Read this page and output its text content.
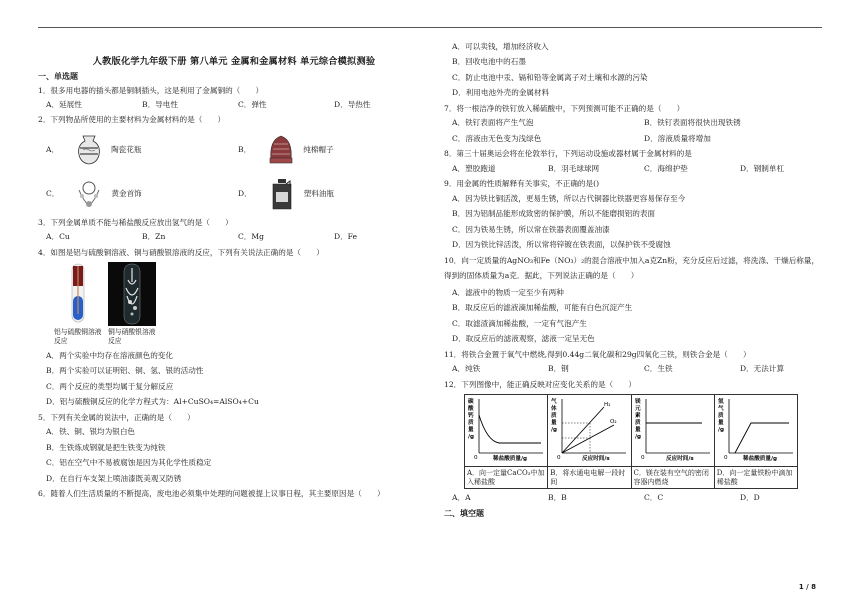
人教版化学九年级下册 第八单元 金属和金属材料 单元综合模拟测验
一、单选题
1．很多用电器的插头都是铜制插头，这是利用了金属铜的（　　）
A．延展性	B．导电性	C．弹性	D．导热性
2．下列物品所使用的主要材料为金属材料的是（　　）
A．	陶瓷花瓶	B．	纯棉帽子
C．	黄金首饰	D．	塑料油瓶
3．下列金属单质不能与稀盐酸反应放出氢气的是（　　）
A．Cu	B．Zn	C．Mg	D．Fe
4．如图是铝与硫酸铜溶液、铜与硝酸银溶液的反应，下列有关说法正确的是（　　）
铝与硫酸铜溶液反应
铜与硝酸银溶液反应
A．两个实验中均存在溶液颜色的变化
B．两个实验可以证明铝、铜、氢、银的活动性
C．两个反应的类型均属于复分解反应
D．铝与硫酸铜反应的化学方程式为：Al+CuSO₄=AlSO₄+Cu
5．下列有关金属的说法中，正确的是（　　）
A．铁、铜、银均为银白色
B．生铁炼成钢就是把生铁变为纯铁
C．铝在空气中不易被腐蚀是因为其化学性质稳定
D．在自行车支架上喷油漆既美观又防锈
6．随着人们生活质量的不断提高，废电池必须集中处理的问题被提上议事日程，其主要原因是（　　）
A．可以卖钱，增加经济收入
B．回收电池中的石墨
C．防止电池中汞、镉和铅等金属离子对土壤和水源的污染
D．利用电池外壳的金属材料
7．将一根洁净的铁钉放入稀硫酸中，下列预测可能不正确的是（　　）
A．铁钉表面将产生气泡	B．铁钉表面将很快出现铁锈
C．溶液由无色变为浅绿色	D．溶液质量将增加
8．第三十届奥运会将在伦敦举行，下列运动设施或器材属于金属材料的是
A．塑胶跑道	B．羽毛球球网	C．海绵护垫	D．钢制单杠
9．用金属的性质解释有关事实，不正确的是()
A．因为铁比铜活泼，更易生锈，所以古代铜器比铁器更容易保存至今
B．因为铝制品能形成致密的保护膜，所以不能磨损铝的表面
C．因为铁易生锈，所以常在铁器表面覆盖油漆
D．因为铁比锌活泼，所以常将锌镀在铁表面，以保护铁不受腐蚀
10．向一定质量的AgNO₃和Fe（NO₃）₂的混合溶液中加入a克Zn粉，充分反应后过滤，将洗涤、干燥后称量，
得到的固体质量为a克．据此，下列说法正确的是（　　）
A．滤液中的物质一定至少有两种
B．取反应后的滤液滴加稀盐酸，可能有白色沉淀产生
C．取滤渣滴加稀盐酸，一定有气泡产生
D．取反应后的滤液观察，滤液一定呈无色
11．将铁合金置于氧气中燃烧,得到0.44g二氧化碳和29g四氧化三铁，则铁合金是（　　）
A．纯铁	B．钢	C．生铁	D．无法计算
12．下列图像中，能正确反映对应变化关系的是（　　）
碳 酸 钙 质 量 /g
0 稀盐酸质量/g	气 体 质 量 /g
H₂
O₂
0 反应时间/s	镁 元 素 质 量 /g
0 反应时间/s	氢 气 质 量 /g
0 稀盐酸质量/g

A．向一定量CaCO₃中加入稀盐酸	B．将水通电电解一段时间	C．镁在装有空气的密闭容器内燃烧	D．向一定量铁粉中滴加稀盐酸
A．A	B．B	C．C	D．D
二、填空题
1 / 8
